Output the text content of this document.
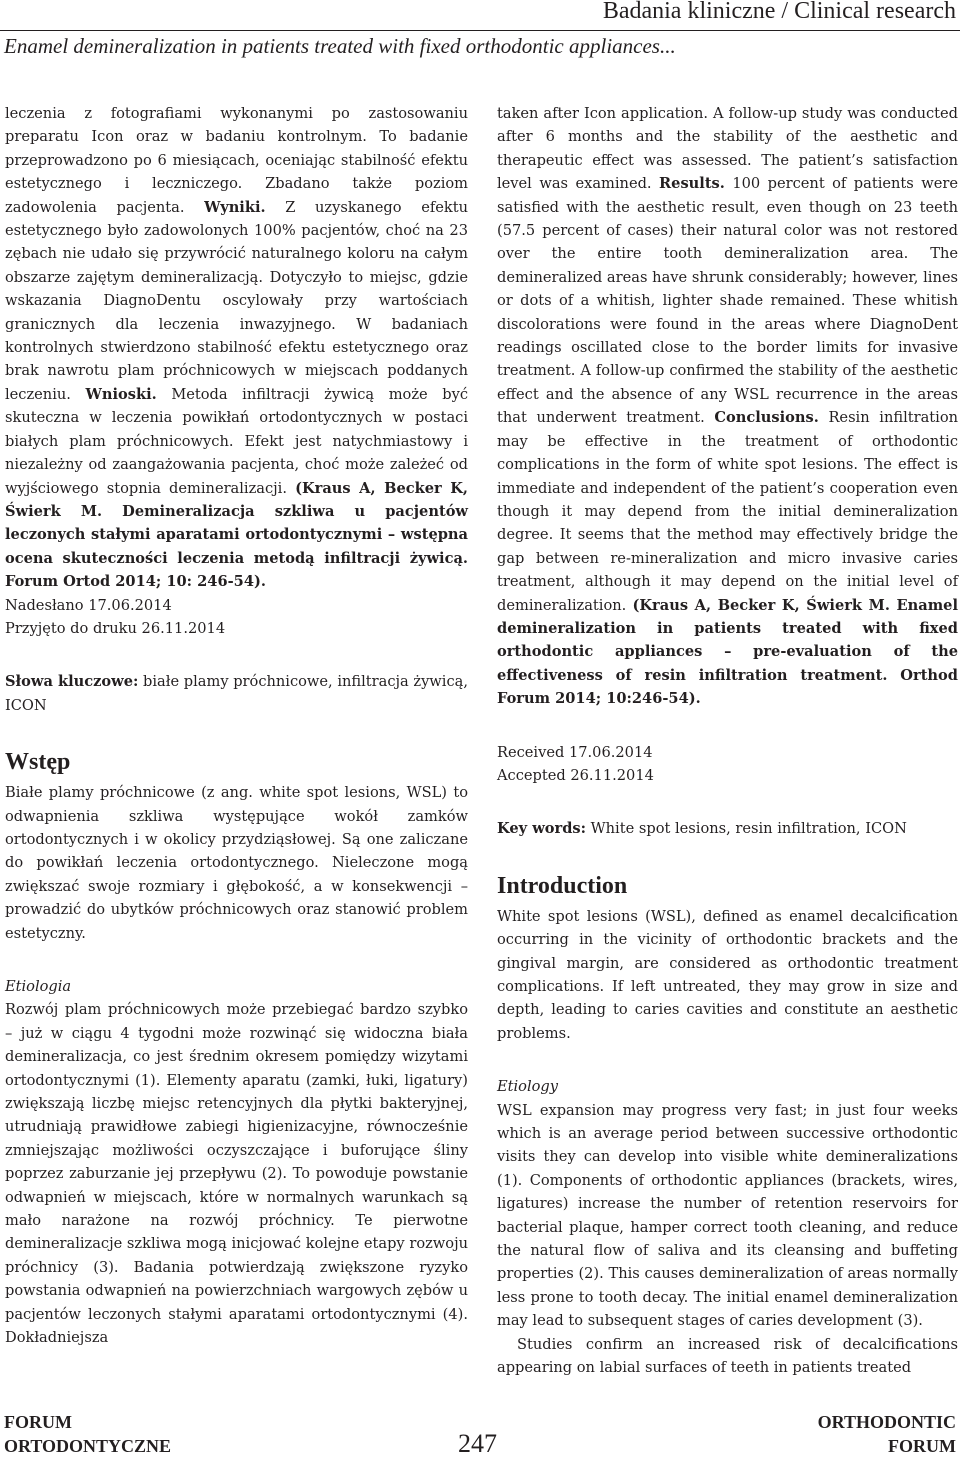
Badania kliniczne / Clinical research
Enamel demineralization in patients treated with fixed orthodontic appliances...

leczenia z fotografiami wykonanymi po zastosowaniu preparatu Icon oraz w badaniu kontrolnym. To badanie przeprowadzono po 6 miesiącach, oceniając stabilność efektu estetycznego i leczniczego. Zbadano także poziom zadowolenia pacjenta. Wyniki. Z uzyskanego efektu estetycznego było zadowolonych 100% pacjentów, choć na 23 zębach nie udało się przywrócić naturalnego koloru na całym obszarze zajętym demineralizacją. Dotyczyło to miejsc, gdzie wskazania DiagnoDentu oscylowały przy wartościach granicznych dla leczenia inwazyjnego. W badaniach kontrolnych stwierdzono stabilność efektu estetycznego oraz brak nawrotu plam próchnicowych w miejscach poddanych leczeniu. Wnioski. Metoda infiltracji żywicą może być skuteczna w leczenia powikłań ortodontycznych w postaci białych plam próchnicowych. Efekt jest natychmiastowy i niezależny od zaangażowania pacjenta, choć może zależeć od wyjściowego stopnia demineralizacji. (Kraus A, Becker K, Świerk M. Demineralizacja szkliwa u pacjentów leczonych stałymi aparatami ortodontycznymi – wstępna ocena skuteczności leczenia metodą infiltracji żywicą. Forum Ortod 2014; 10: 246-54).

Nadesłano 17.06.2014

Przyjęto do druku 26.11.2014

Słowa kluczowe: białe plamy próchnicowe, infiltracja żywicą, ICON

Wstęp

Białe plamy próchnicowe (z ang. white spot lesions, WSL) to odwapnienia szkliwa występujące wokół zamków ortodontycznych i w okolicy przydziąsłowej. Są one zaliczane do powikłań leczenia ortodontycznego. Nieleczone mogą zwiększać swoje rozmiary i głębokość, a w konsekwencji – prowadzić do ubytków próchnicowych oraz stanowić problem estetyczny.

Etiologia

Rozwój plam próchnicowych może przebiegać bardzo szybko – już w ciągu 4 tygodni może rozwinąć się widoczna biała demineralizacja, co jest średnim okresem pomiędzy wizytami ortodontycznymi (1). Elementy aparatu (zamki, łuki, ligatury) zwiększają liczbę miejsc retencyjnych dla płytki bakteryjnej, utrudniają prawidłowe zabiegi higienizacyjne, równocześnie zmniejszając możliwości oczyszczające i buforujące śliny poprzez zaburzanie jej przepływu (2). To powoduje powstanie odwapnień w miejscach, które w normalnych warunkach są mało narażone na rozwój próchnicy. Te pierwotne demineralizacje szkliwa mogą inicjować kolejne etapy rozwoju próchnicy (3). Badania potwierdzają zwiększone ryzyko powstania odwapnień na powierzchniach wargowych zębów u pacjentów leczonych stałymi aparatami ortodontycznymi (4). Dokładniejsza

taken after Icon application. A follow-up study was conducted after 6 months and the stability of the aesthetic and therapeutic effect was assessed. The patient’s satisfaction level was examined. Results. 100 percent of patients were satisfied with the aesthetic result, even though on 23 teeth (57.5 percent of cases) their natural color was not restored over the entire tooth demineralization area. The demineralized areas have shrunk considerably; however, lines or dots of a whitish, lighter shade remained. These whitish discolorations were found in the areas where DiagnoDent readings oscillated close to the border limits for invasive treatment. A follow-up confirmed the stability of the aesthetic effect and the absence of any WSL recurrence in the areas that underwent treatment. Conclusions. Resin infiltration may be effective in the treatment of orthodontic complications in the form of white spot lesions. The effect is immediate and independent of the patient’s cooperation even though it may depend from the initial demineralization degree. It seems that the method may effectively bridge the gap between re-mineralization and micro invasive caries treatment, although it may depend on the initial level of demineralization. (Kraus A, Becker K, Świerk M. Enamel demineralization in patients treated with fixed orthodontic appliances – pre-evaluation of the effectiveness of resin infiltration treatment. Orthod Forum 2014; 10:246-54).

Received 17.06.2014

Accepted 26.11.2014

Key words: White spot lesions, resin infiltration, ICON

Introduction

White spot lesions (WSL), defined as enamel decalcification occurring in the vicinity of orthodontic brackets and the gingival margin, are considered as orthodontic treatment complications. If left untreated, they may grow in size and depth, leading to caries cavities and constitute an aesthetic problems.

Etiology

WSL expansion may progress very fast; in just four weeks which is an average period between successive orthodontic visits they can develop into visible white demineralizations (1). Components of orthodontic appliances (brackets, wires, ligatures) increase the number of retention reservoirs for bacterial plaque, hamper correct tooth cleaning, and reduce the natural flow of saliva and its cleansing and buffeting properties (2). This causes demineralization of areas normally less prone to tooth decay. The initial enamel demineralization may lead to subsequent stages of caries development (3).

Studies confirm an increased risk of decalcifications appearing on labial surfaces of teeth in patients treated

FORUM
ORTODONTYCZNE	247
ORTHODONTIC
FORUM
